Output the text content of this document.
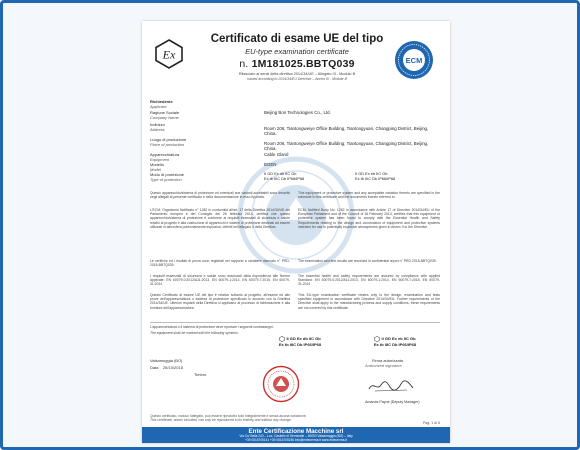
Ex
Certificato di esame UE del tipo
EU-type examination certificate
n. 1M181025.BBTQ039
Rilasciato ai sensi della direttiva 2014/34/UE – Allegato III - Modulo B
Issued according to 2014/34/EU Directive – Annex III - Module B
ECM
Richiedente
Applicant
Ragione Sociale
Company Name
Beijing Bon Technologies Co., Ltd.
Indirizzo
Address	Room 206, Tiantongweiye Office Building, Tiantongyuan, Changping District, Beijing, China.
Luogo di produzione
Place of production	Room 206, Tiantongweiye Office Building, Tiantongyuan, Changping District, Beijing, China.
Apparecchiatura
Equipment
Cable Gland
Modello
Model
BOEN
Modo di protezione
Type of protection
II GD Ex db IIC Gb
Ex tb IIIC Db IP66/IP68
II GD Ex eb IIC Gb
Ex tb IIIC Db IP66/IP68
Questo apparecchio/sistema di protezione ed eventuali sue varianti accettabili sono descritti negli allegati al presente certificato e nella documentazione in esso riportata.
This equipment or protective system and any acceptable variation thereto are specified in the schedule to this certificate and the documents therein referred to.
L'ECM, Organismo Notificato n° 1282 in conformità all'art. 17 della Direttiva 2014/34/UE del Parlamento europeo e del Consiglio del 26 febbraio 2014, certifica che questo apparecchio/sistema di protezione è conforme ai requisiti essenziali di sicurezza e salute relativi al progetto e alla costruzione di apparecchi e sistemi di protezione destinati ad essere utilizzati in atmosfera potenzialmente esplosiva, definiti nell'allegato II della Direttiva.
ECM, Notified Body No. 1282 in accordance with Article 17 of Directive 2014/34/EU of the European Parliament and of the Council of 26 February 2014, certifies that this equipment or protective system has been found to comply with the Essential Health and Safety Requirements relating to the design and construction of equipment and protective systems intended for use in potentially explosive atmospheres given in Annex II to the Directive.
Le verifiche ed i risultati di prova sono registrati nel rapporto a carattere riservato n° PRD-2018-BBTQ039.
The examination and test results are recorded in confidential report n° PRD-2018-BBTQ039.
I requisiti essenziali di sicurezza e salute sono assicurati dalla rispondenza alle Norme applicate: EN 60079-0:2012/A11:2013, EN 60079-1:2014, EN 60079-7:2015, EN 60079-31:2014
The essential health and safety requirements are assured by compliance with applied Standard: EN 60079-0:2012/A11:2013, EN 60079-1:2014, EN 60079-7:2015, EN 60079-31:2014
Questo Certificato di esame UE del tipo è relativo soltanto al progetto, all'esame ed alle prove dell'apparecchiatura o sistema di protezione specificato in accordo con la Direttiva 2014/34/UE. Ulteriori requisiti della Direttiva si applicano al processo di fabbricazione e alla fornitura dell'apparecchiatura.
This EU-type examination certificate relates only to the design, examination and tests specified equipment in accordance with Directive 2014/34/EU. Further requirements of the Directive shall apply to the manufacturing process and supply conditions; these requirements are not covered by this certificate.
L'apparecchiatura o il sistema di protezione deve riportare i seguenti contrassegni:
The equipment shall be marked with the following symbols:
II GD Ex db IIC Gb
Ex tb IIIC Db IP66/IP68
II GD Ex eb IIC Gb
Ex tb IIIC Db IP66/IP68
Valsamoggia (BO)
Data 25/10/2018
Timbro
Firma autorizzata
Authorized signature
Amanda Payne (Deputy Manager)
Questo certificato, incluso l'allegato, può essere riprodotto solo integralmente e senza alcuna variazione.
This certificate, annex included, can only be reproduced in its entirety and without any change.
Pag. 1 di 6
Ente Certificazione Macchine srl
Via Ca' Bella 243 – Loc. Castello di Serravalle – 40053 Valsamoggia (BO) – Italy
+39 0516705141 +39 0516705156 info@entecerma.it www.entecerma.it
